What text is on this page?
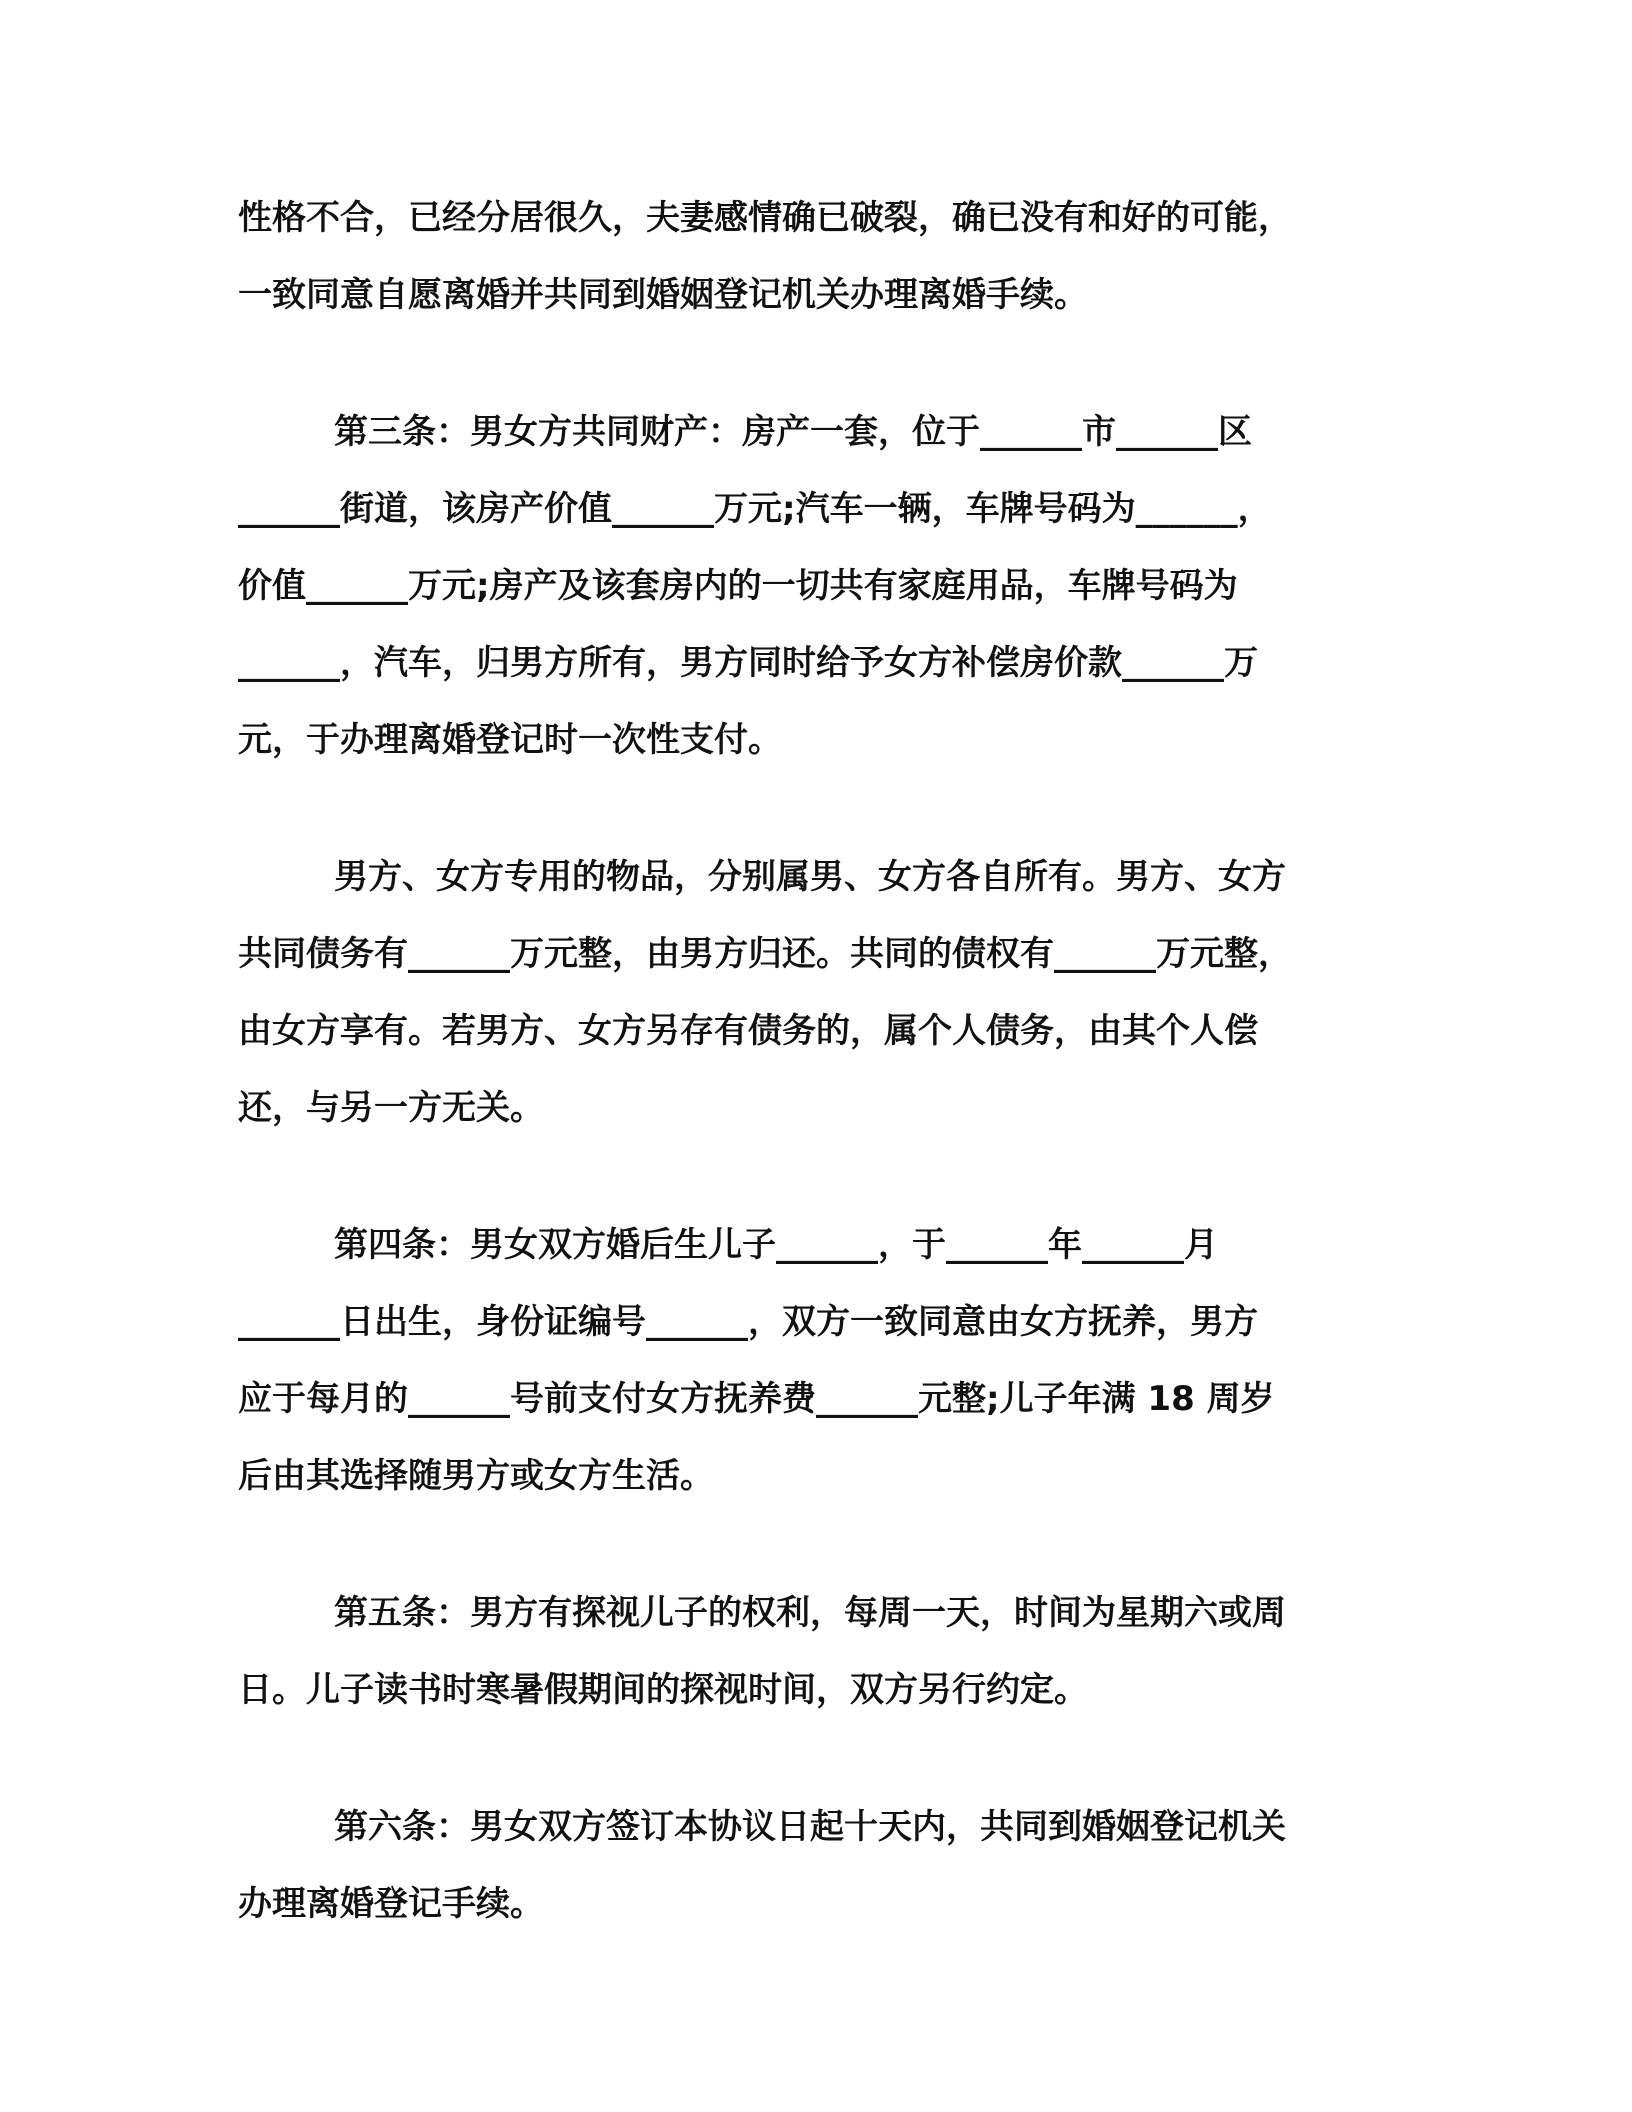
性格不合，已经分居很久，夫妻感情确已破裂，确已没有和好的可能，
一致同意自愿离婚并共同到婚姻登记机关办理离婚手续。

第三条：男女方共同财产：房产一套，位于______市______区
______街道，该房产价值______万元;汽车一辆，车牌号码为______，
价值______万元;房产及该套房内的一切共有家庭用品，车牌号码为
______，汽车，归男方所有，男方同时给予女方补偿房价款______万
元，于办理离婚登记时一次性支付。

男方、女方专用的物品，分别属男、女方各自所有。男方、女方
共同债务有______万元整，由男方归还。共同的债权有______万元整，
由女方享有。若男方、女方另存有债务的，属个人债务，由其个人偿
还，与另一方无关。

第四条：男女双方婚后生儿子______，于______年______月
______日出生，身份证编号______，双方一致同意由女方抚养，男方
应于每月的______号前支付女方抚养费______元整;儿子年满 18 周岁
后由其选择随男方或女方生活。

第五条：男方有探视儿子的权利，每周一天，时间为星期六或周
日。儿子读书时寒暑假期间的探视时间，双方另行约定。

第六条：男女双方签订本协议日起十天内，共同到婚姻登记机关
办理离婚登记手续。
